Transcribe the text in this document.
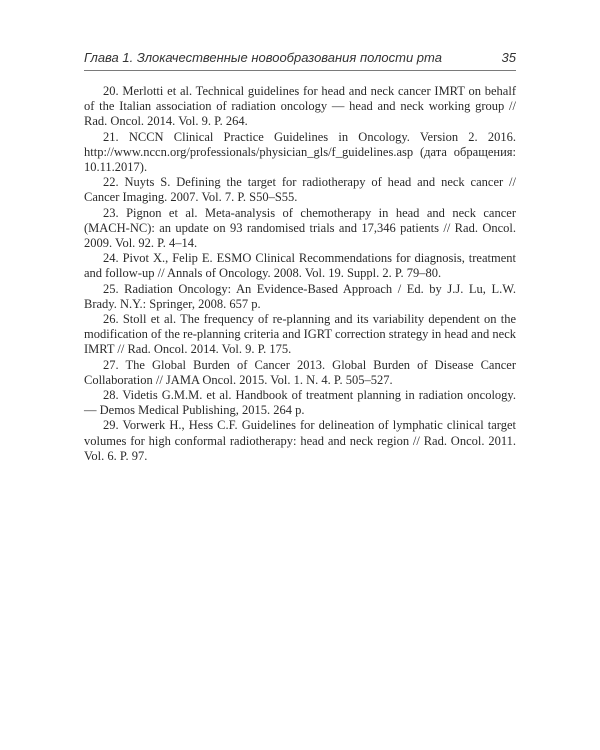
Глава 1. Злокачественные новообразования полости рта	35
20. Merlotti et al. Technical guidelines for head and neck cancer IMRT on behalf of the Italian association of radiation oncology — head and neck working group // Rad. Oncol. 2014. Vol. 9. P. 264.
21. NCCN Clinical Practice Guidelines in Oncology. Version 2. 2016. http://www.nccn.org/professionals/physician_gls/f_guidelines.asp (дата обращения: 10.11.2017).
22. Nuyts S. Defining the target for radiotherapy of head and neck cancer // Cancer Imaging. 2007. Vol. 7. P. S50–S55.
23. Pignon et al. Meta-analysis of chemotherapy in head and neck cancer (MACH-NC): an update on 93 randomised trials and 17,346 patients // Rad. Oncol. 2009. Vol. 92. P. 4–14.
24. Pivot X., Felip E. ESMO Clinical Recommendations for diagnosis, treatment and follow-up // Annals of Oncology. 2008. Vol. 19. Suppl. 2. P. 79–80.
25. Radiation Oncology: An Evidence-Based Approach / Ed. by J.J. Lu, L.W. Brady. N.Y.: Springer, 2008. 657 p.
26. Stoll et al. The frequency of re-planning and its variability dependent on the modification of the re-planning criteria and IGRT correction strategy in head and neck IMRT // Rad. Oncol. 2014. Vol. 9. P. 175.
27. The Global Burden of Cancer 2013. Global Burden of Disease Cancer Collaboration // JAMA Oncol. 2015. Vol. 1. N. 4. P. 505–527.
28. Videtis G.M.M. et al. Handbook of treatment planning in radiation oncology. — Demos Medical Publishing, 2015. 264 p.
29. Vorwerk H., Hess C.F. Guidelines for delineation of lymphatic clinical target volumes for high conformal radiotherapy: head and neck region // Rad. Oncol. 2011. Vol. 6. P. 97.
